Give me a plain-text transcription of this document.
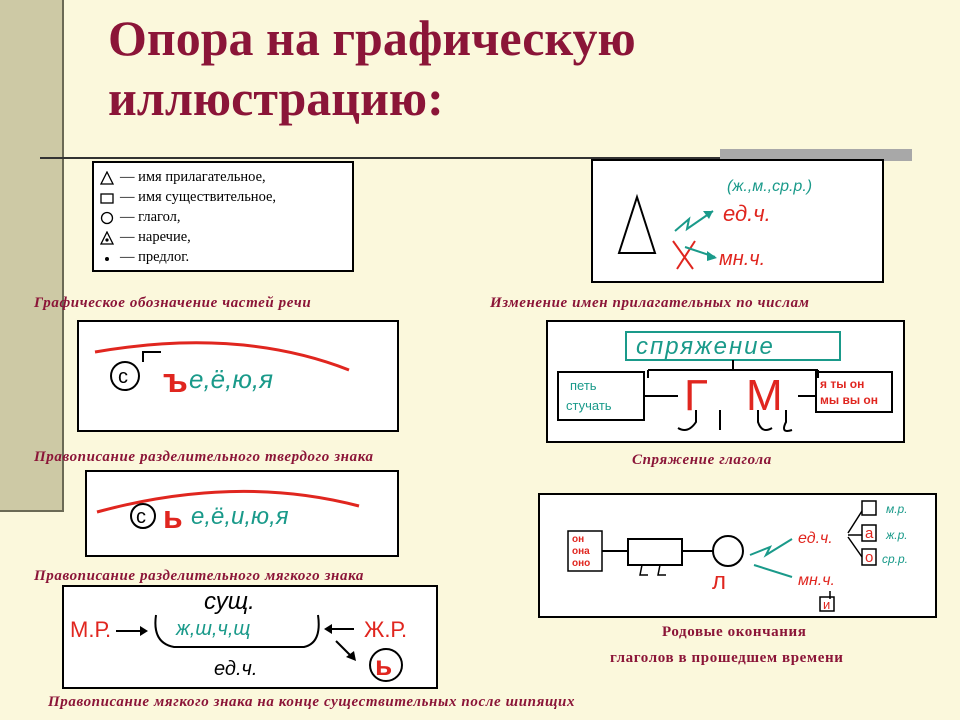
Опора на графическую
иллюстрацию:
— имя прилагательное,
— имя существительное,
— глагол,
— наречие,
— предлог.

Графическое обозначение частей речи

(ж.,м.,ср.р.)
ед.ч.
мн.ч.

Изменение имен прилагательных по числам

с ъ е,ё,ю,я

Правописание разделительного твердого знака

спряжение
петь
стучать Г М	я ты он
мы вы он

Спряжение глагола

с ь е,ё,и,ю,я

Правописание разделительного мягкого знака

он
она
оно
л
ед.ч.
мн.ч.
а
о
и
м.р.
ж.р.
ср.р.

Родовые окончания

глаголов в прошедшем времени

сущ.
М.Р.	ж,ш,ч,щ	Ж.Р.
ед.ч.	ь

Правописание мягкого знака на конце существительных после шипящих
